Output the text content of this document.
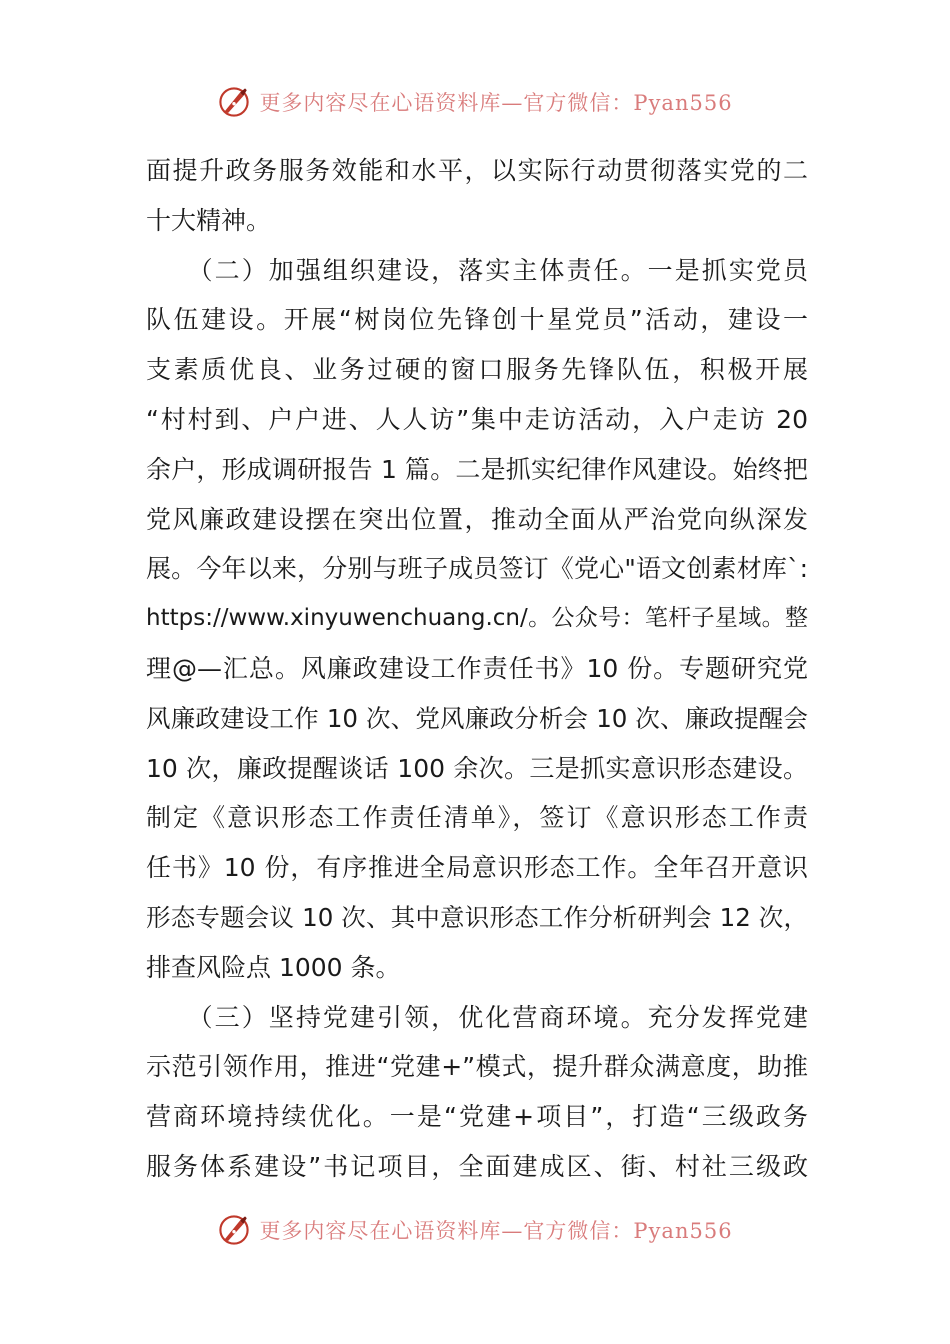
更多内容尽在心语资料库—官方微信：Pyan556
面提升政务服务效能和水平，以实际行动贯彻落实党的二
十大精神。
　　（二）加强组织建设，落实主体责任。一是抓实党员
队伍建设。开展“树岗位先锋创十星党员”活动，建设一
支素质优良、业务过硬的窗口服务先锋队伍，积极开展
“村村到、户户进、人人访”集中走访活动，入户走访 20
余户，形成调研报告 1 篇。二是抓实纪律作风建设。始终把
党风廉政建设摆在突出位置，推动全面从严治党向纵深发
展。今年以来，分别与班子成员签订《党心"语文创素材库`:
https://www.xinyuwenchuang.cn/。公众号：笔杆子星域。整
理@—汇总。风廉政建设工作责任书》10 份。专题研究党
风廉政建设工作 10 次、党风廉政分析会 10 次、廉政提醒会
10 次，廉政提醒谈话 100 余次。三是抓实意识形态建设。
制定《意识形态工作责任清单》，签订《意识形态工作责
任书》10 份，有序推进全局意识形态工作。全年召开意识
形态专题会议 10 次、其中意识形态工作分析研判会 12 次，
排查风险点 1000 条。
　　（三）坚持党建引领，优化营商环境。充分发挥党建
示范引领作用，推进“党建+”模式，提升群众满意度，助推
营商环境持续优化。一是“党建+项目”，打造“三级政务
服务体系建设”书记项目，全面建成区、街、村社三级政
更多内容尽在心语资料库—官方微信：Pyan556
